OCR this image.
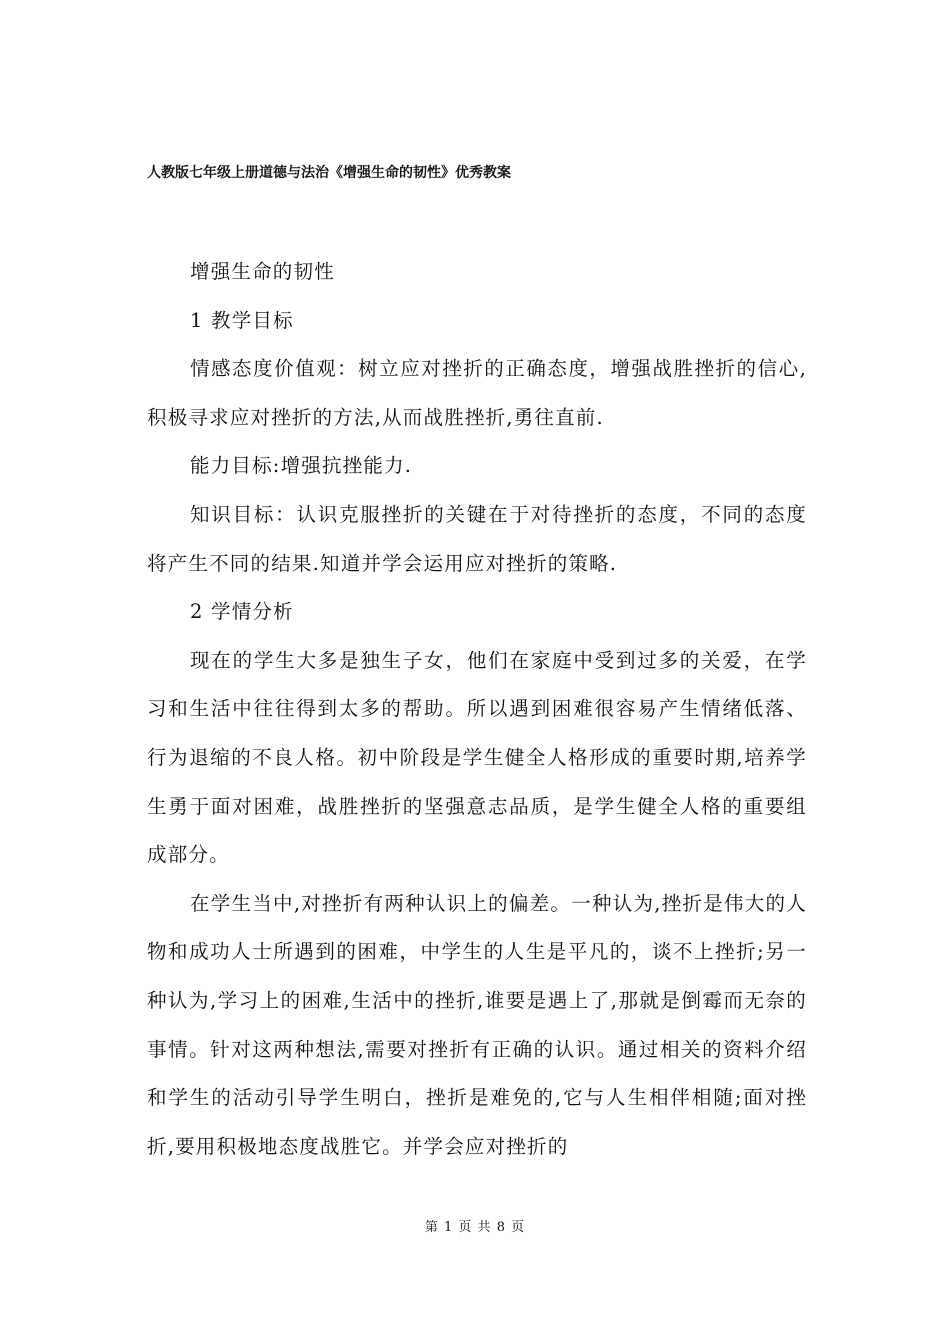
人教版七年级上册道德与法治《增强生命的韧性》优秀教案

增强生命的韧性

1 教学目标

情感态度价值观：树立应对挫折的正确态度，增强战胜挫折的信心,积极寻求应对挫折的方法,从而战胜挫折,勇往直前.

能力目标:增强抗挫能力.

知识目标：认识克服挫折的关键在于对待挫折的态度，不同的态度将产生不同的结果.知道并学会运用应对挫折的策略.

2 学情分析

现在的学生大多是独生子女，他们在家庭中受到过多的关爱，在学习和生活中往往得到太多的帮助。所以遇到困难很容易产生情绪低落、行为退缩的不良人格。初中阶段是学生健全人格形成的重要时期,培养学生勇于面对困难，战胜挫折的坚强意志品质，是学生健全人格的重要组成部分。

在学生当中,对挫折有两种认识上的偏差。一种认为,挫折是伟大的人物和成功人士所遇到的困难，中学生的人生是平凡的，谈不上挫折;另一种认为,学习上的困难,生活中的挫折,谁要是遇上了,那就是倒霉而无奈的事情。针对这两种想法,需要对挫折有正确的认识。通过相关的资料介绍和学生的活动引导学生明白，挫折是难免的,它与人生相伴相随;面对挫折,要用积极地态度战胜它。并学会应对挫折的

第 1 页 共 8 页
